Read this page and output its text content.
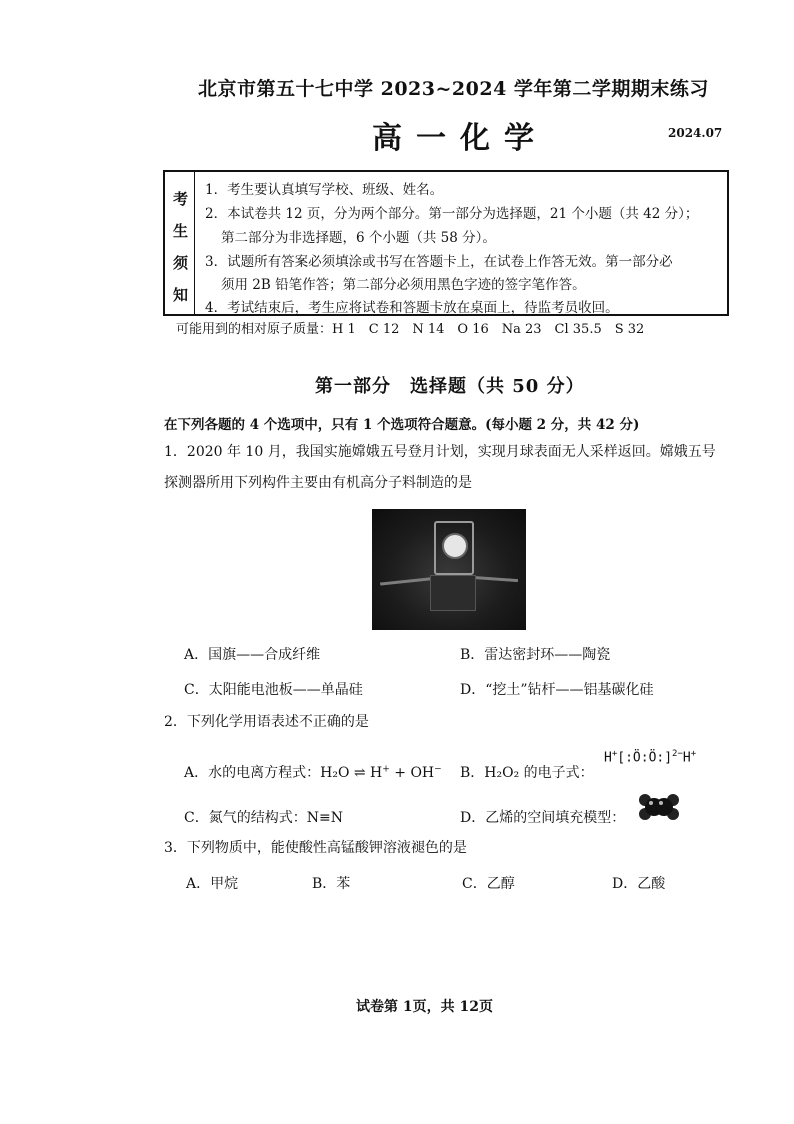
北京市第五十七中学 2023~2024 学年第二学期期末练习
高一化学	2024.07
考
生
须
知
1．考生要认真填写学校、班级、姓名。
2．本试卷共 12 页，分为两个部分。第一部分为选择题，21 个小题（共 42 分）；
第二部分为非选择题，6 个小题（共 58 分）。
3．试题所有答案必须填涂或书写在答题卡上，在试卷上作答无效。第一部分必
须用 2B 铅笔作答；第二部分必须用黑色字迹的签字笔作答。
4．考试结束后，考生应将试卷和答题卡放在桌面上，待监考员收回。
可能用到的相对原子质量：H 1　C 12　N 14　O 16　Na 23　Cl 35.5　S 32
第一部分　选择题（共 50 分）
在下列各题的 4 个选项中，只有 1 个选项符合题意。(每小题 2 分，共 42 分)
1．2020 年 10 月，我国实施嫦娥五号登月计划，实现月球表面无人采样返回。嫦娥五号
探测器所用下列构件主要由有机高分子料制造的是
A．国旗——合成纤维	B．雷达密封环——陶瓷
C．太阳能电池板——单晶硅	D．“挖土”钻杆——铝基碳化硅
2．下列化学用语表述不正确的是
A．水的电离方程式：H₂O ⇌ H+ + OH− B．H₂O₂ 的电子式：
H+[:Ö:Ö:]$^{2-}$H+
C．氮气的结构式：N≡N	D．乙烯的空间填充模型：
3．下列物质中，能使酸性高锰酸钾溶液褪色的是
A．甲烷	B．苯	C．乙醇	D．乙酸
试卷第 1页，共 12页
